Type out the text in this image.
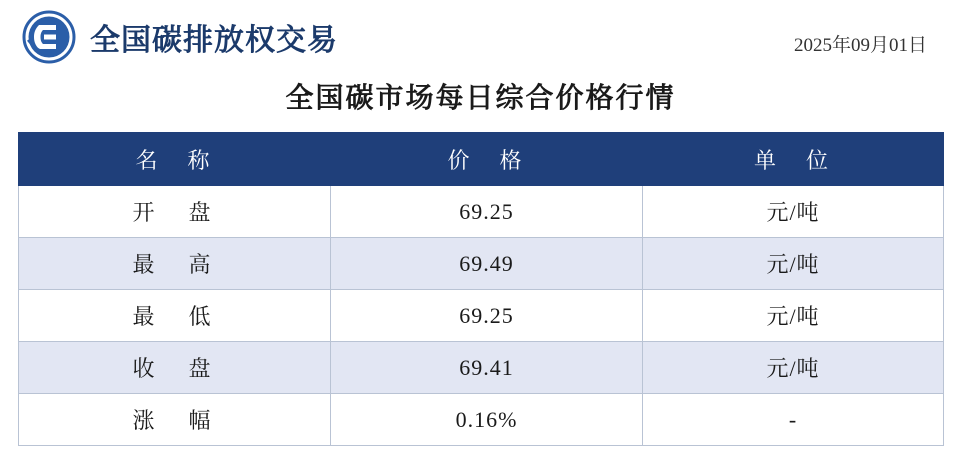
全国碳排放权交易	2025年09月01日
全国碳市场每日综合价格行情
名　称	价　格	单　位
开　盘	69.25	元/吨
最　高	69.49	元/吨
最　低	69.25	元/吨
收　盘	69.41	元/吨
涨　幅	0.16%	-
